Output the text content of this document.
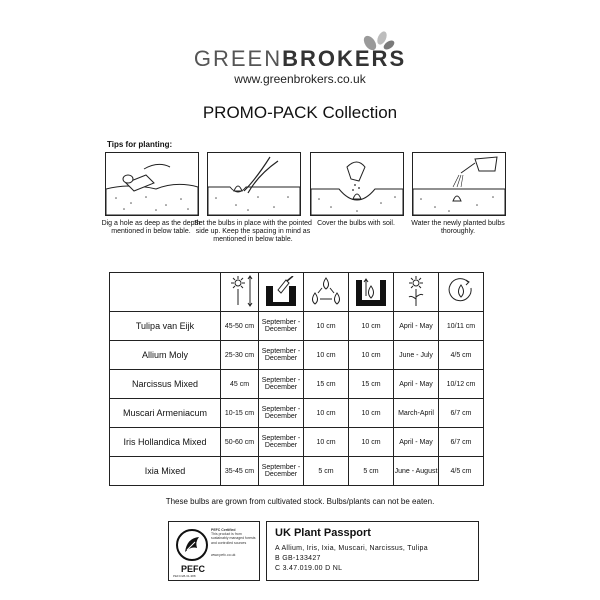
GREENBROKERS
www.greenbrokers.co.uk
PROMO-PACK Collection
Tips for planting:
Dig a hole as deep as the depth mentioned in below table.
Set the bulbs in place with the pointed side up. Keep the spacing in mind as mentioned in below table.
Cover the bulbs with soil.	Water the newly planted bulbs thoroughly.

Tulipa van Eijk	45-50 cm	September - December	10 cm	10 cm	April - May	10/11 cm
Allium Moly	25-30 cm	September - December	10 cm	10 cm	June - July	4/5 cm
Narcissus Mixed	45 cm	September - December	15 cm	15 cm	April - May	10/12 cm
Muscari Armeniacum	10-15 cm	September - December	10 cm	10 cm	March-April	6/7 cm
Iris Hollandica Mixed	50-60 cm	September - December	10 cm	10 cm	April - May	6/7 cm
Ixia Mixed	35-45 cm	September - December	5 cm	5 cm	June - August	4/5 cm
These bulbs are grown from cultivated stock. Bulbs/plants can not be eaten.
PEFC Certified
This product is from sustainably managed forests and controlled sources
www.pefc.co.uk
PEFC
PEFC/28-31-388
UK Plant Passport
A Allium, Iris, Ixia, Muscari, Narcissus, Tulipa
B GB-133427
C 3.47.019.00 D NL
